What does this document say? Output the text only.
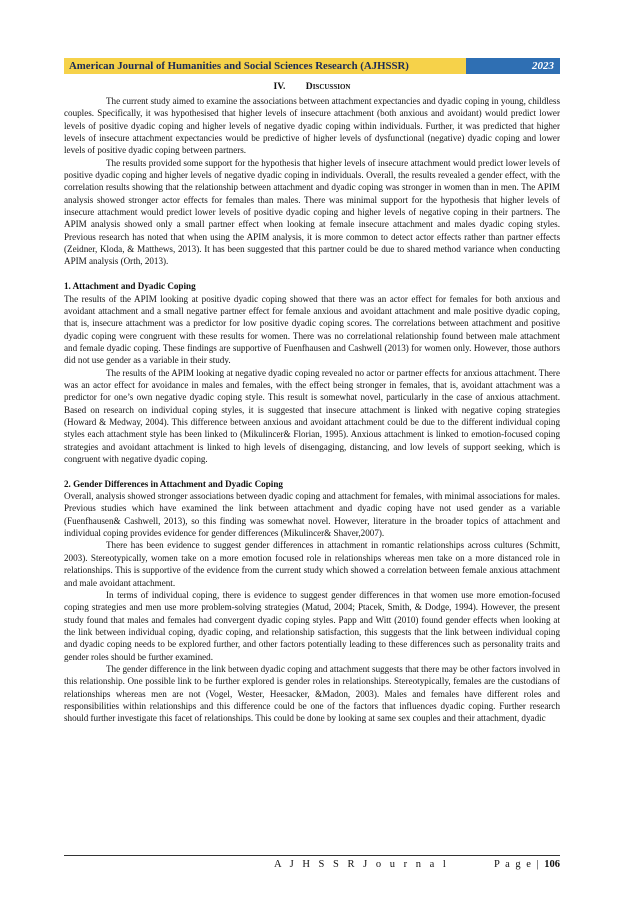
American Journal of Humanities and Social Sciences Research (AJHSSR)	2023
IV. Discussion

The current study aimed to examine the associations between attachment expectancies and dyadic coping in young, childless couples. Specifically, it was hypothesised that higher levels of insecure attachment (both anxious and avoidant) would predict lower levels of positive dyadic coping and higher levels of negative dyadic coping within individuals. Further, it was predicted that higher levels of insecure attachment expectancies would be predictive of higher levels of dysfunctional (negative) dyadic coping and lower levels of positive dyadic coping between partners.

The results provided some support for the hypothesis that higher levels of insecure attachment would predict lower levels of positive dyadic coping and higher levels of negative dyadic coping in individuals. Overall, the results revealed a gender effect, with the correlation results showing that the relationship between attachment and dyadic coping was stronger in women than in men. The APIM analysis showed stronger actor effects for females than males. There was minimal support for the hypothesis that higher levels of insecure attachment would predict lower levels of positive dyadic coping and higher levels of negative coping in their partners. The APIM analysis showed only a small partner effect when looking at female insecure attachment and males dyadic coping styles. Previous research has noted that when using the APIM analysis, it is more common to detect actor effects rather than partner effects (Zeidner, Kloda, & Matthews, 2013). It has been suggested that this partner could be due to shared method variance when conducting APIM analysis (Orth, 2013).

1. Attachment and Dyadic Coping

The results of the APIM looking at positive dyadic coping showed that there was an actor effect for females for both anxious and avoidant attachment and a small negative partner effect for female anxious and avoidant attachment and male positive dyadic coping, that is, insecure attachment was a predictor for low positive dyadic coping scores. The correlations between attachment and positive dyadic coping were congruent with these results for women. There was no correlational relationship found between male attachment and female dyadic coping. These findings are supportive of Fuenfhausen and Cashwell (2013) for women only. However, those authors did not use gender as a variable in their study.

The results of the APIM looking at negative dyadic coping revealed no actor or partner effects for anxious attachment. There was an actor effect for avoidance in males and females, with the effect being stronger in females, that is, avoidant attachment was a predictor for one’s own negative dyadic coping style. This result is somewhat novel, particularly in the case of anxious attachment. Based on research on individual coping styles, it is suggested that insecure attachment is linked with negative coping strategies (Howard & Medway, 2004). This difference between anxious and avoidant attachment could be due to the different individual coping styles each attachment style has been linked to (Mikulincer& Florian, 1995). Anxious attachment is linked to emotion-focused coping strategies and avoidant attachment is linked to high levels of disengaging, distancing, and low levels of support seeking, which is congruent with negative dyadic coping.

2. Gender Differences in Attachment and Dyadic Coping

Overall, analysis showed stronger associations between dyadic coping and attachment for females, with minimal associations for males. Previous studies which have examined the link between attachment and dyadic coping have not used gender as a variable (Fuenfhausen& Cashwell, 2013), so this finding was somewhat novel. However, literature in the broader topics of attachment and individual coping provides evidence for gender differences (Mikulincer& Shaver,2007).

There has been evidence to suggest gender differences in attachment in romantic relationships across cultures (Schmitt, 2003). Stereotypically, women take on a more emotion focused role in relationships whereas men take on a more distanced role in relationships. This is supportive of the evidence from the current study which showed a correlation between female anxious attachment and male avoidant attachment.

In terms of individual coping, there is evidence to suggest gender differences in that women use more emotion-focused coping strategies and men use more problem-solving strategies (Matud, 2004; Ptacek, Smith, & Dodge, 1994). However, the present study found that males and females had convergent dyadic coping styles. Papp and Witt (2010) found gender effects when looking at the link between individual coping, dyadic coping, and relationship satisfaction, this suggests that the link between individual coping and dyadic coping needs to be explored further, and other factors potentially leading to these differences such as personality traits and gender roles should be further examined.

The gender difference in the link between dyadic coping and attachment suggests that there may be other factors involved in this relationship. One possible link to be further explored is gender roles in relationships. Stereotypically, females are the custodians of relationships whereas men are not (Vogel, Wester, Heesacker, &Madon, 2003). Males and females have different roles and responsibilities within relationships and this difference could be one of the factors that influences dyadic coping. Further research should further investigate this facet of relationships. This could be done by looking at same sex couples and their attachment, dyadic

A J H S S R J o u r n a l	P a g e | 106
